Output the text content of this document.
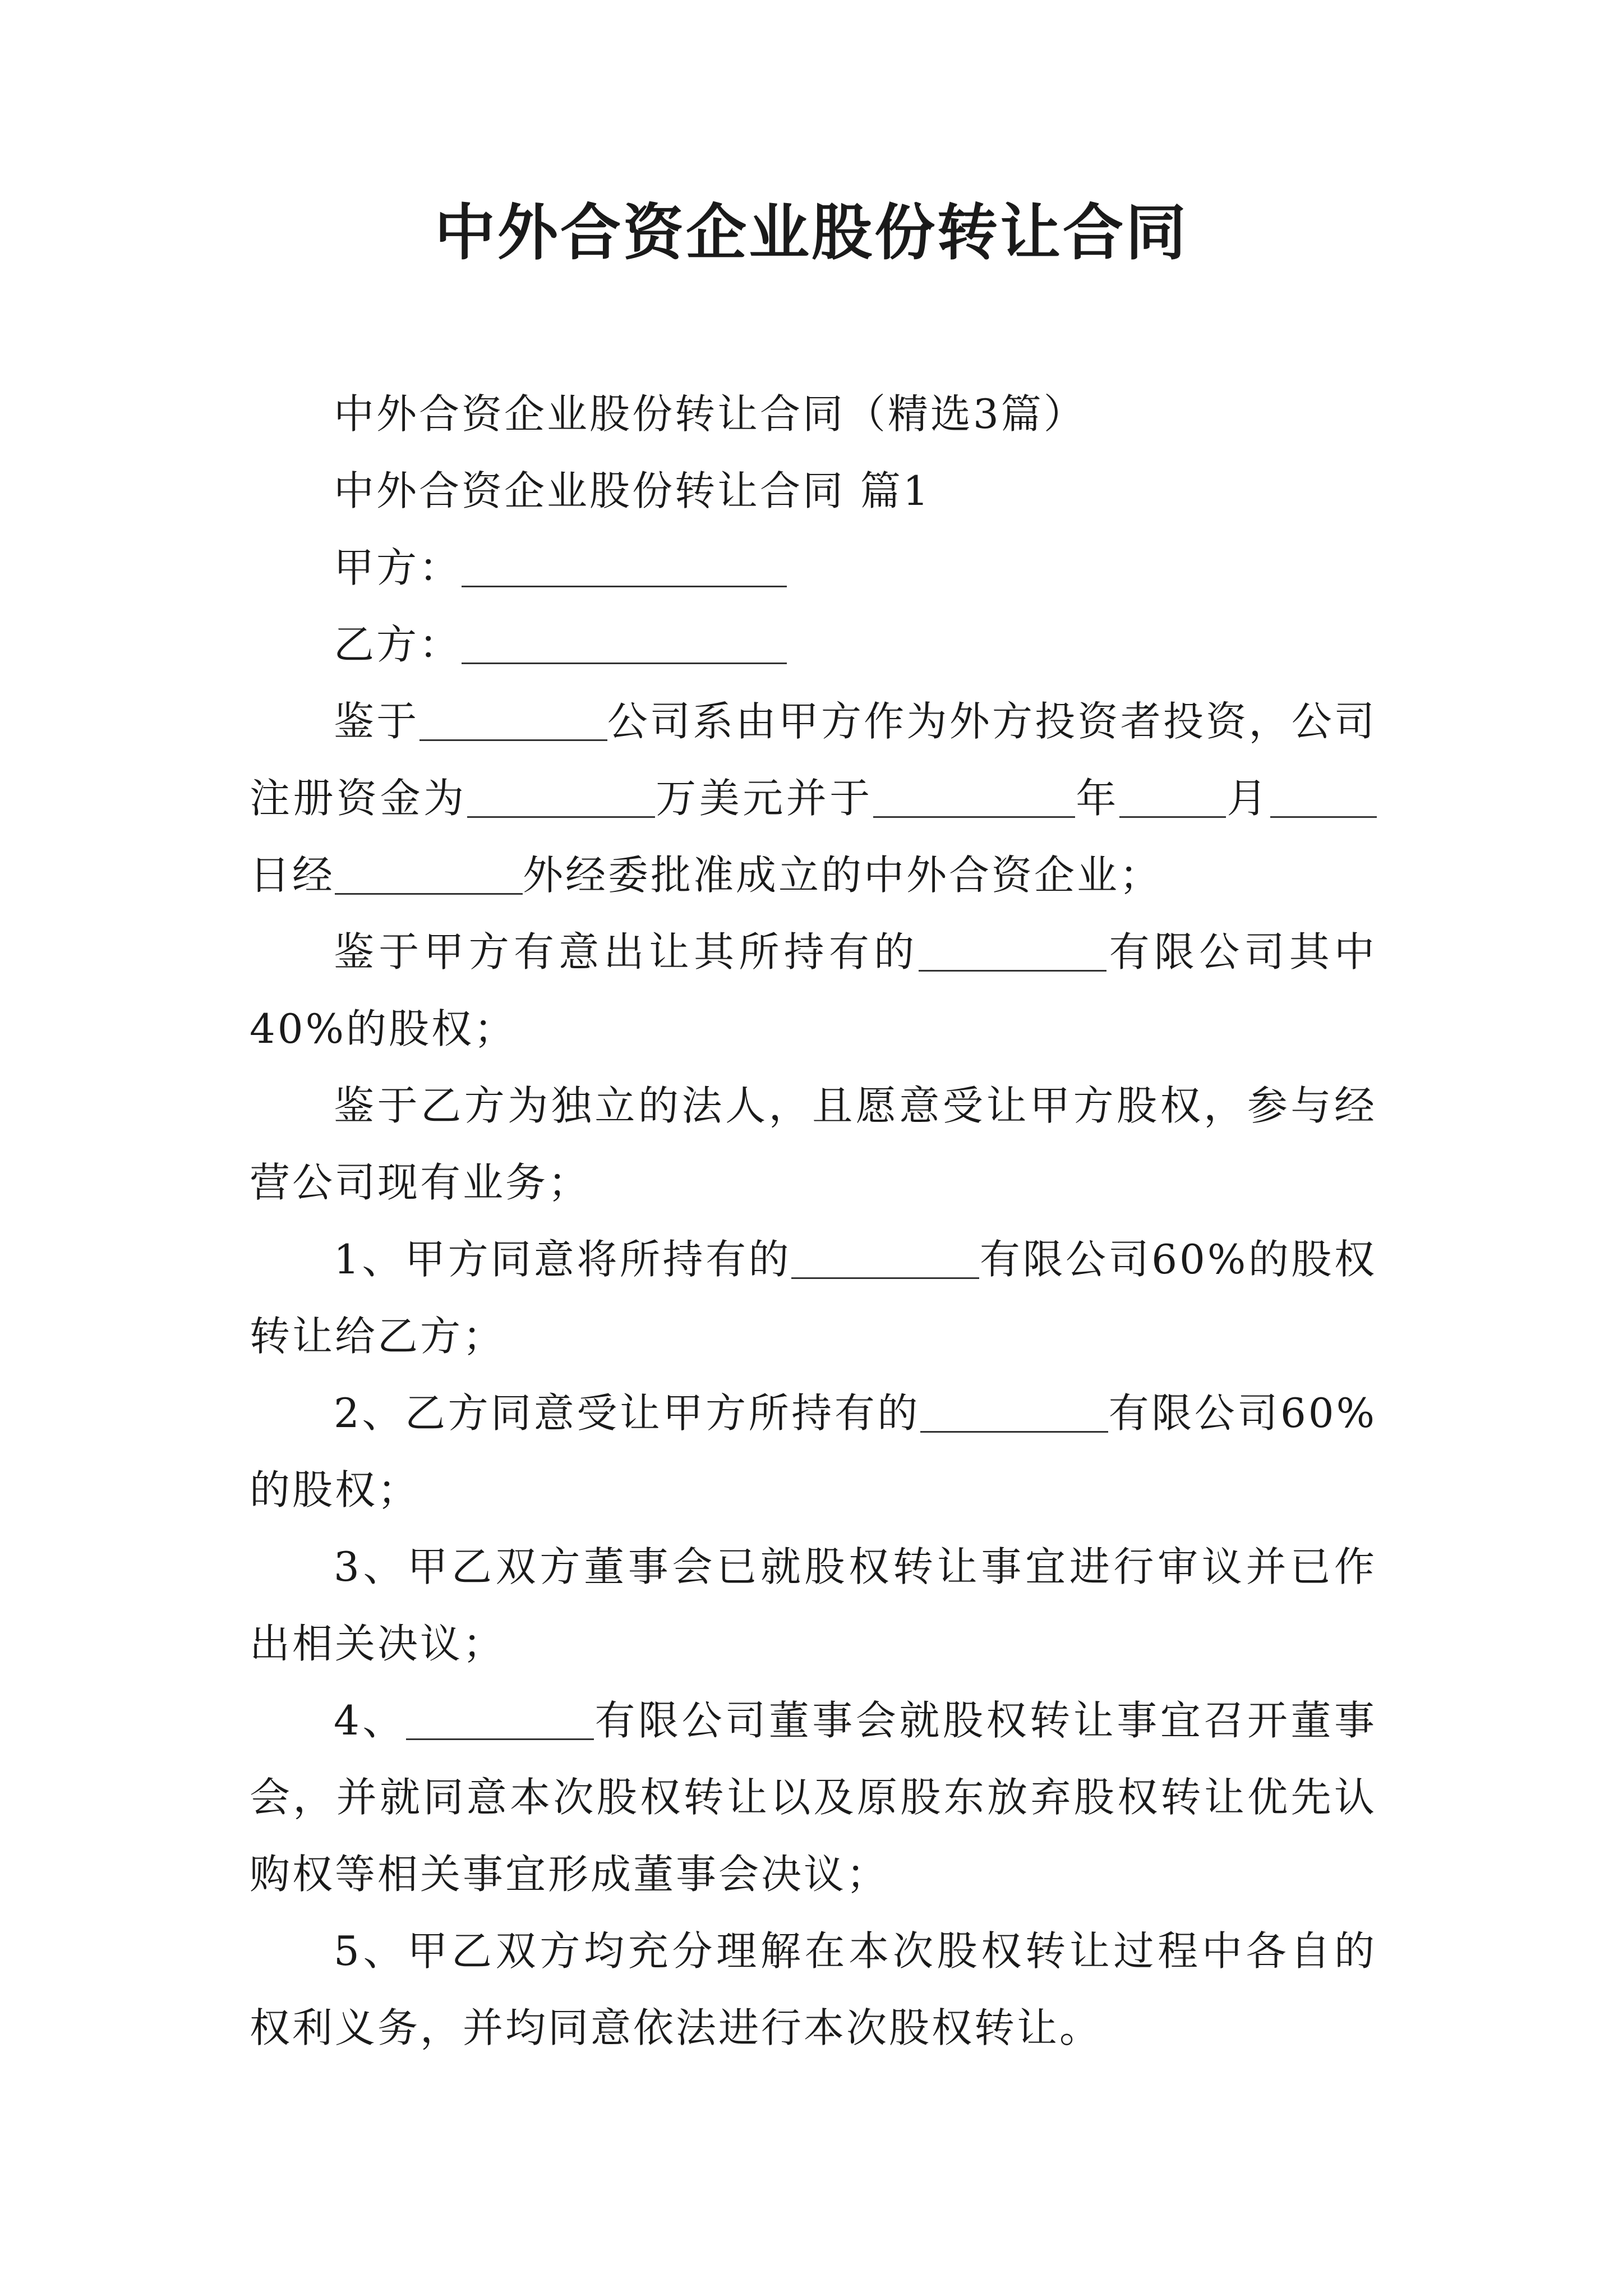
中外合资企业股份转让合同

中外合资企业股份转让合同（精选3篇）

中外合资企业股份转让合同 篇1

甲方：

乙方：

鉴于	公司系由甲方作为外方投资者投资，公司注册资金为	万美元并于	年	月日经	外经委批准成立的中外合资企业；

鉴于甲方有意出让其所持有的	有限公司其中40%的股权；

鉴于乙方为独立的法人，且愿意受让甲方股权，参与经营公司现有业务；

1、甲方同意将所持有的	有限公司60%的股权转让给乙方；

2、乙方同意受让甲方所持有的	有限公司60%的股权；

3、甲乙双方董事会已就股权转让事宜进行审议并已作出相关决议；

4、	有限公司董事会就股权转让事宜召开董事会，并就同意本次股权转让以及原股东放弃股权转让优先认购权等相关事宜形成董事会决议；

5、甲乙双方均充分理解在本次股权转让过程中各自的权利义务，并均同意依法进行本次股权转让。
